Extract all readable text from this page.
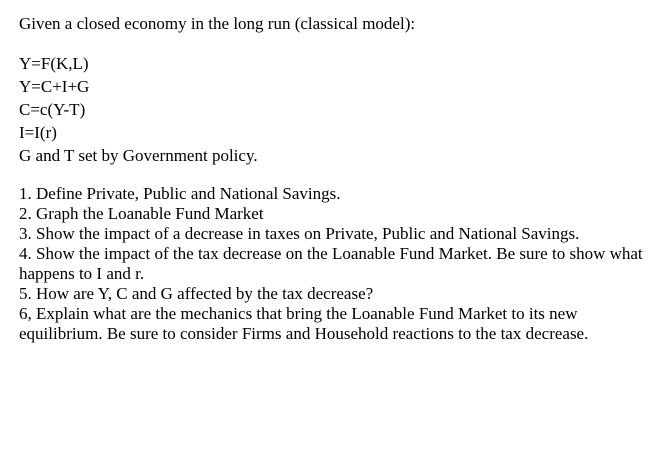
Given a closed economy in the long run (classical model):

Y=F(K,L)
Y=C+I+G
C=c(Y-T)
I=I(r)
G and T set by Government policy.
1. Define Private, Public and National Savings.
2. Graph the Loanable Fund Market
3. Show the impact of a decrease in taxes on Private, Public and National Savings.
4. Show the impact of the tax decrease on the Loanable Fund Market. Be sure to show what happens to I and r.
5. How are Y, C and G affected by the tax decrease?
6, Explain what are the mechanics that bring the Loanable Fund Market to its new equilibrium. Be sure to consider Firms and Household reactions to the tax decrease.
